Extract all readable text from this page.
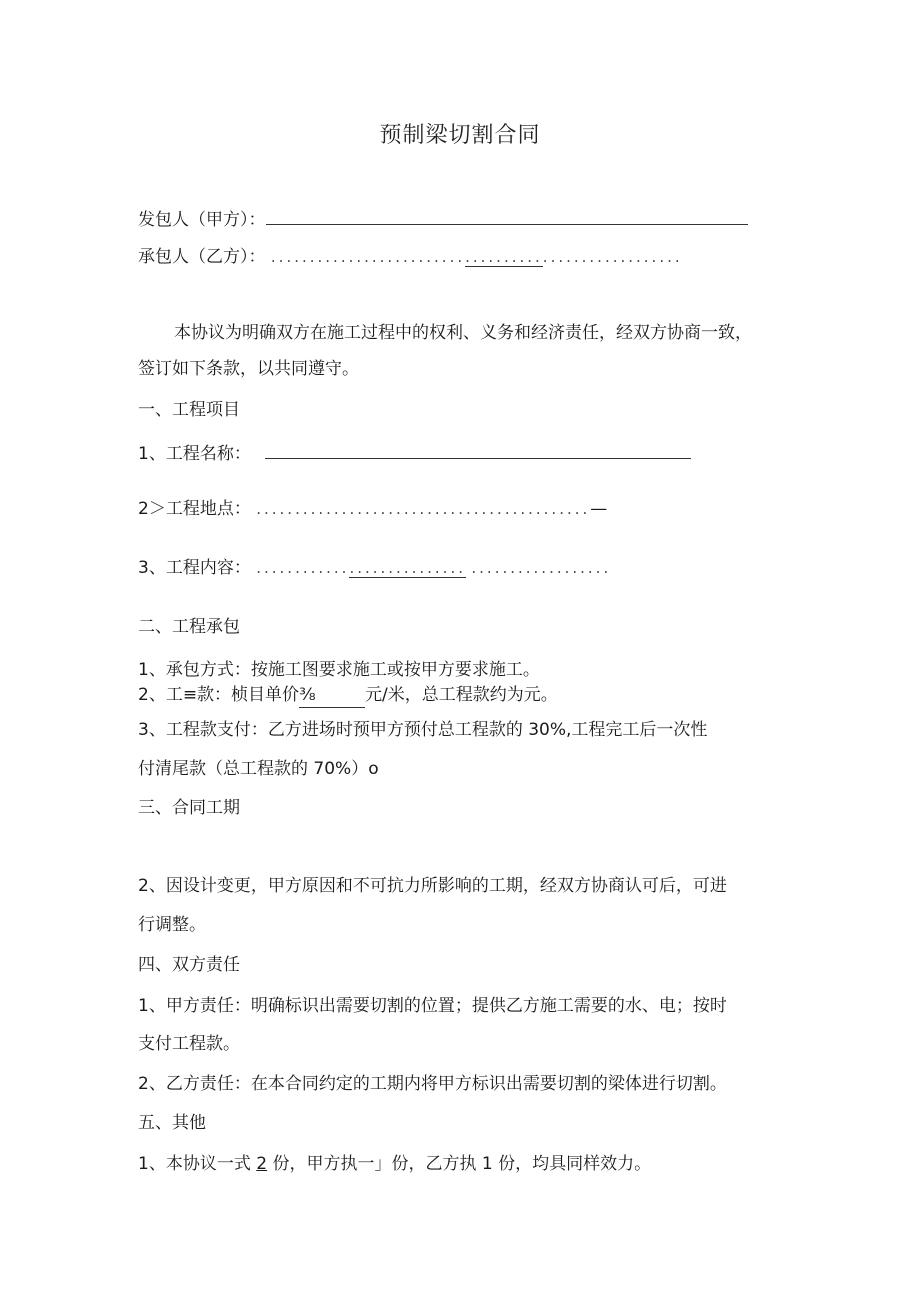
预制梁切割合同
发包人（甲方）：
承包人（乙方）： .....................................................
本协议为明确双方在施工过程中的权利、义务和经济责任，经双方协商一致，
签订如下条款，以共同遵守。
一、工程项目
1、工程名称：
2＞工程地点： ...........................................—
3、工程内容： ........................... ..................
二、工程承包
1、承包方式：按施工图要求施工或按甲方要求施工。
2、工≡款：桢目单价⅜	元/米，总工程款约为元。
3、工程款支付：乙方进场时预甲方预付总工程款的 30%,工程完工后一次性
付清尾款（总工程款的 70%）o
三、合同工期
2、因设计变更，甲方原因和不可抗力所影响的工期，经双方协商认可后，可进
行调整。
四、双方责任
1、甲方责任：明确标识出需要切割的位置；提供乙方施工需要的水、电；按时
支付工程款。
2、乙方责任：在本合同约定的工期内将甲方标识出需要切割的梁体进行切割。
五、其他
1、本协议一式 2 份，甲方执一」份，乙方执 1 份，均具同样效力。
